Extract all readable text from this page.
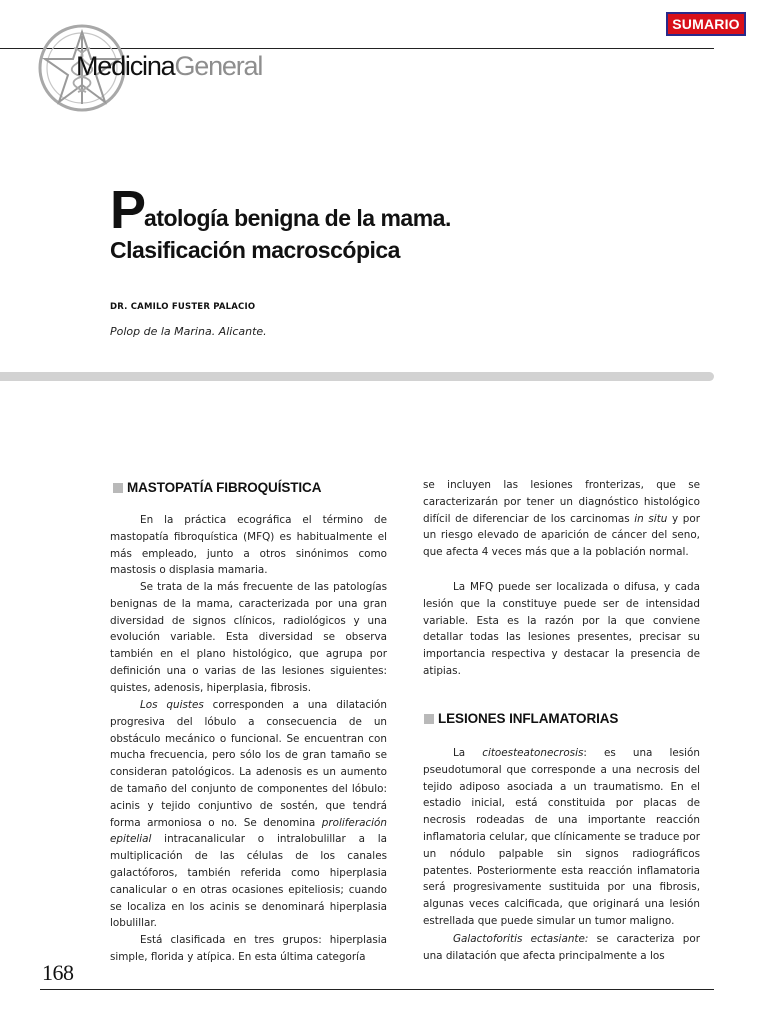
SUMARIO
MedicinaGeneral
Patología benigna de la mama.
Clasificación macroscópica
DR. CAMILO FUSTER PALACIO
Polop de la Marina. Alicante.
MASTOPATÍA FIBROQUÍSTICA

En la práctica ecográfica el término de mastopatía fibroquística (MFQ) es habitualmente el más empleado, junto a otros sinónimos como mastosis o displasia mamaria.

Se trata de la más frecuente de las patologías benignas de la mama, caracterizada por una gran diversidad de signos clínicos, radiológicos y una evolución variable. Esta diversidad se observa también en el plano histológico, que agrupa por definición una o varias de las lesiones siguientes: quistes, adenosis, hiperplasia, fibrosis.

Los quistes corresponden a una dilatación progresiva del lóbulo a consecuencia de un obstáculo mecánico o funcional. Se encuentran con mucha frecuencia, pero sólo los de gran tamaño se consideran patológicos. La adenosis es un aumento de tamaño del conjunto de componentes del lóbulo: acinis y tejido conjuntivo de sostén, que tendrá forma armoniosa o no. Se denomina proliferación epitelial intracanalicular o intralobulillar a la multiplicación de las células de los canales galactóforos, también referida como hiperplasia canalicular o en otras ocasiones epiteliosis; cuando se localiza en los acinis se denominará hiperplasia lobulillar.

Está clasificada en tres grupos: hiperplasia simple, florida y atípica. En esta última categoría

se incluyen las lesiones fronterizas, que se caracterizarán por tener un diagnóstico histológico difícil de diferenciar de los carcinomas in situ y por un riesgo elevado de aparición de cáncer del seno, que afecta 4 veces más que a la población normal.

La MFQ puede ser localizada o difusa, y cada lesión que la constituye puede ser de intensidad variable. Esta es la razón por la que conviene detallar todas las lesiones presentes, precisar su importancia respectiva y destacar la presencia de atipias.

LESIONES INFLAMATORIAS

La citoesteatonecrosis: es una lesión pseudotumoral que corresponde a una necrosis del tejido adiposo asociada a un traumatismo. En el estadio inicial, está constituida por placas de necrosis rodeadas de una importante reacción inflamatoria celular, que clínicamente se traduce por un nódulo palpable sin signos radiográficos patentes. Posteriormente esta reacción inflamatoria será progresivamente sustituida por una fibrosis, algunas veces calcificada, que originará una lesión estrellada que puede simular un tumor maligno.

Galactoforitis ectasiante: se caracteriza por una dilatación que afecta principalmente a los

168
